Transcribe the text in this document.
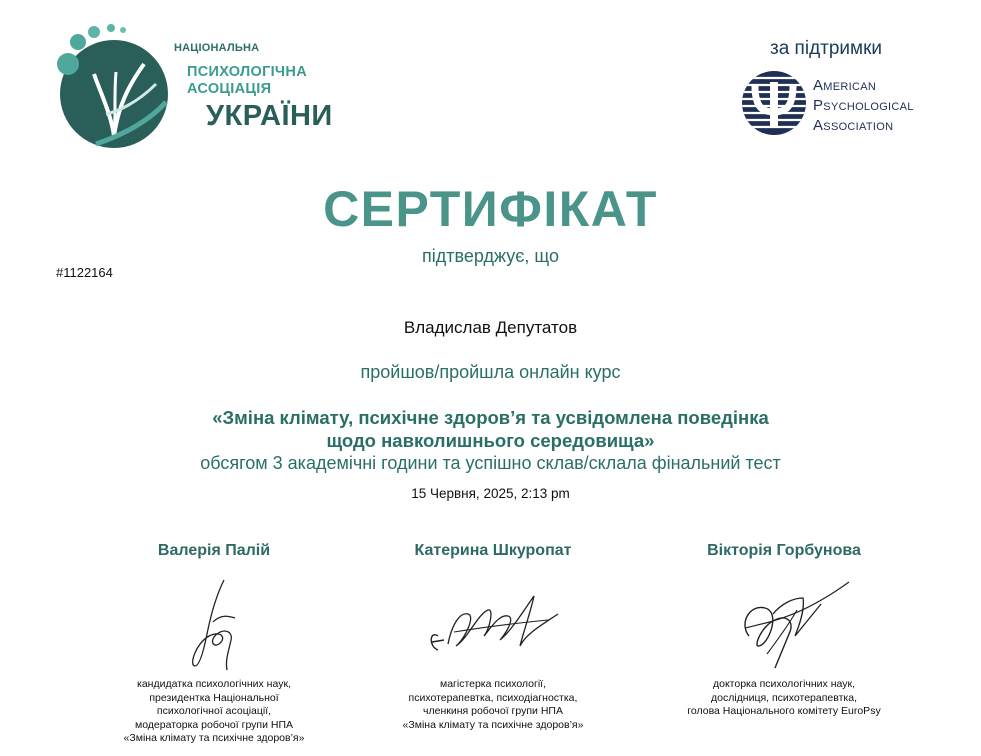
НАЦІОНАЛЬНА
ПСИХОЛОГІЧНА
АСОЦІАЦІЯ
УКРАЇНИ
за підтримки
American
Psychological
Association
СЕРТИФІКАТ
підтверджує, що
#1122164
Владислав Депутатов
пройшов/пройшла онлайн курс
«Зміна клімату, психічне здоров’я та усвідомлена поведінка
щодо навколишнього середовища»
обсягом 3 академічні години та успішно склав/склала фінальний тест
15 Червня, 2025, 2:13 pm
Валерія Палій
кандидатка психологічних наук,
президентка Національної
психологічної асоціації,
модераторка робочої групи НПА
«Зміна клімату та психічне здоров’я»
Катерина Шкуропат
магістерка психології,
психотерапевтка, психодіагностка,
членкиня робочої групи НПА
«Зміна клімату та психічне здоров’я»
Вікторія Горбунова
докторка психологічних наук,
дослідниця, психотерапевтка,
голова Національного комітету EuroPsy
